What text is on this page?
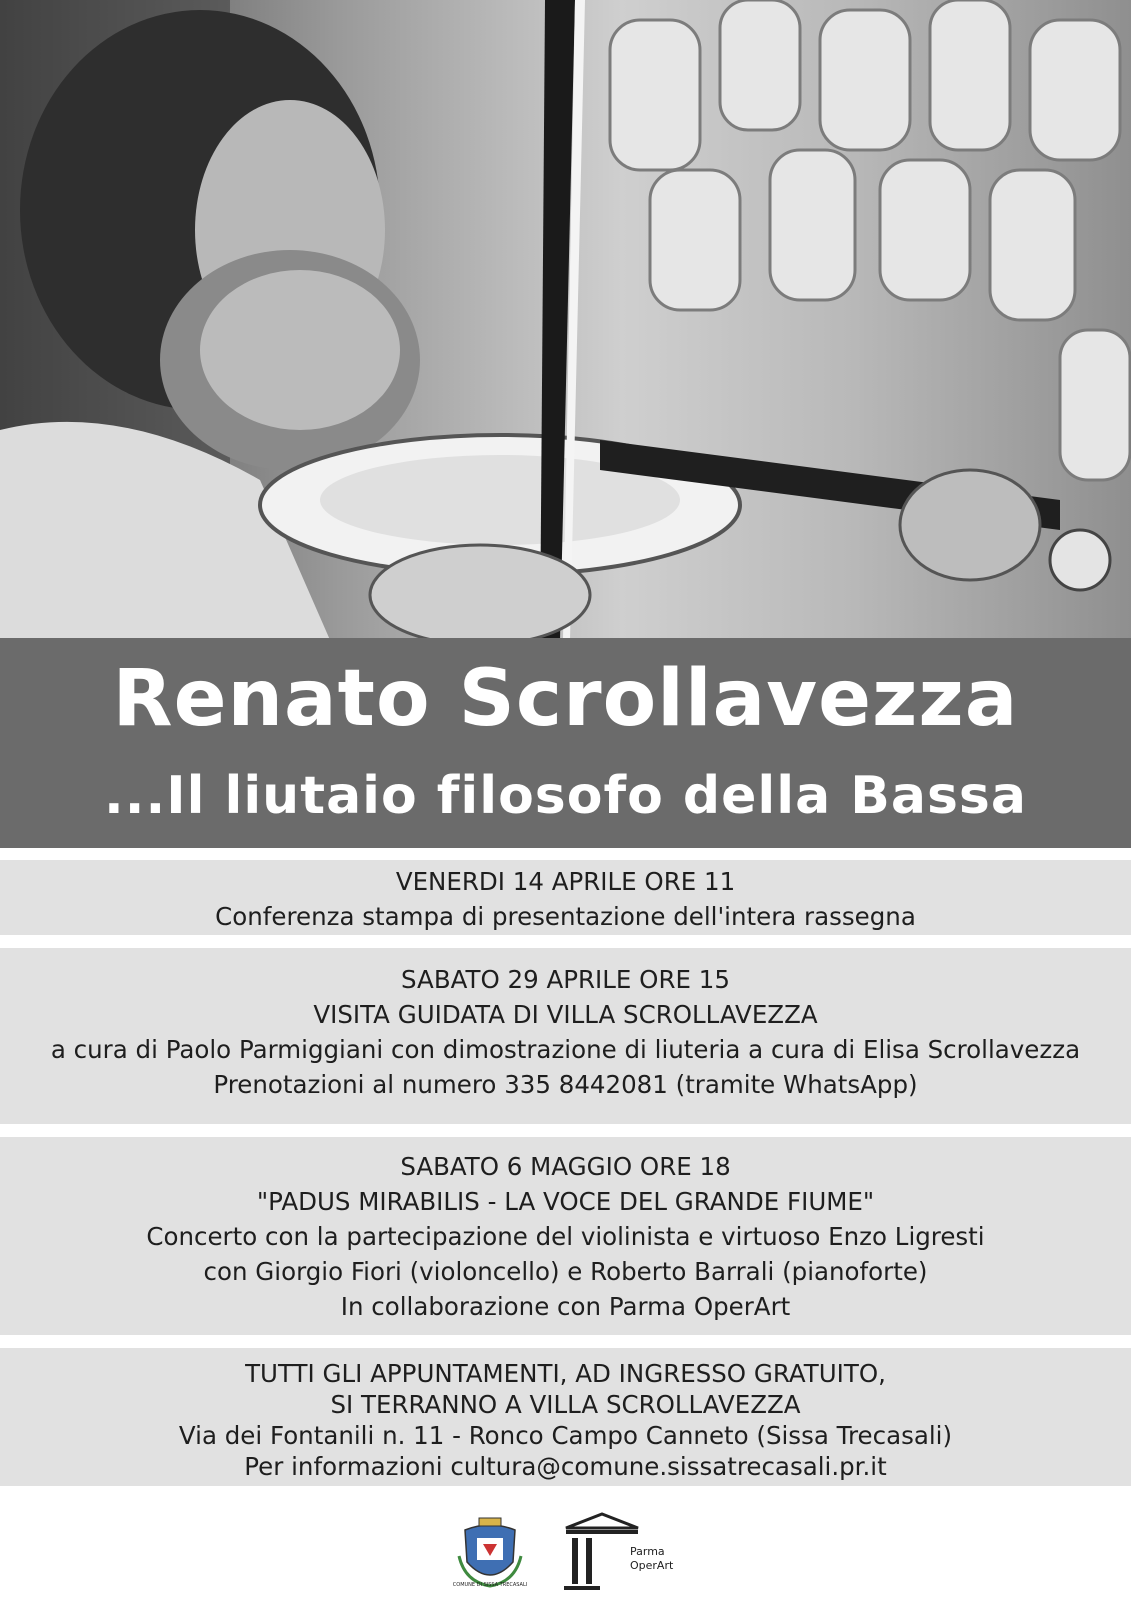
Renato Scrollavezza
...Il liutaio filosofo della Bassa
VENERDI 14 APRILE ORE 11
Conferenza stampa di presentazione dell'intera rassegna
SABATO 29 APRILE ORE 15
VISITA GUIDATA DI VILLA SCROLLAVEZZA
a cura di Paolo Parmiggiani con dimostrazione di liuteria a cura di Elisa Scrollavezza
Prenotazioni al numero 335 8442081 (tramite WhatsApp)
SABATO 6 MAGGIO ORE 18
"PADUS MIRABILIS - LA VOCE DEL GRANDE FIUME"
Concerto con la partecipazione del violinista e virtuoso Enzo Ligresti
con Giorgio Fiori (violoncello) e Roberto Barrali (pianoforte)
In collaborazione con Parma OperArt
TUTTI GLI APPUNTAMENTI, AD INGRESSO GRATUITO,
SI TERRANNO A VILLA SCROLLAVEZZA
Via dei Fontanili n. 11 - Ronco Campo Canneto (Sissa Trecasali)
Per informazioni cultura@comune.sissatrecasali.pr.it
COMUNE DI SISSA TRECASALI
Parma
OperArt
